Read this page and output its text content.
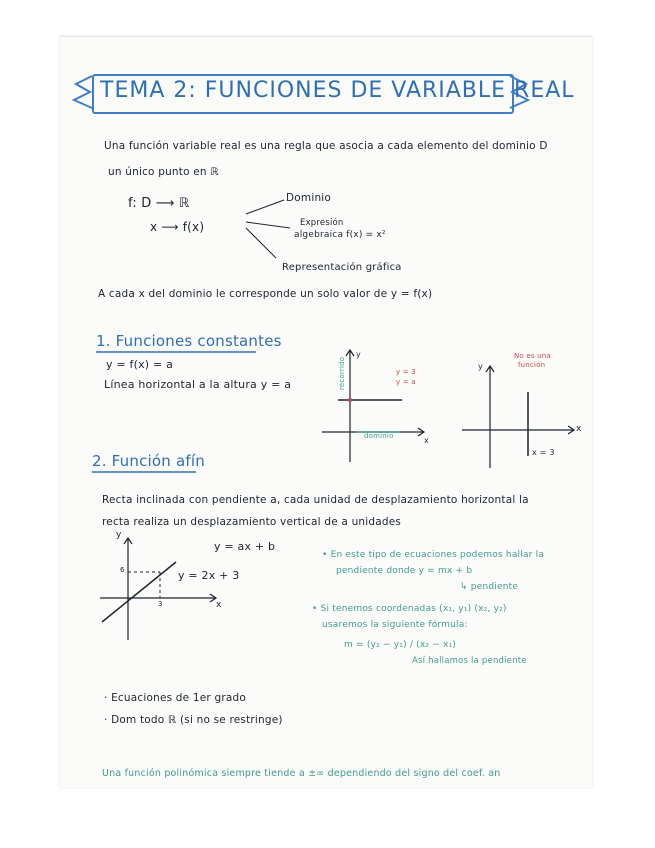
TEMA 2: FUNCIONES DE VARIABLE REAL
Una función variable real es una regla que asocia a cada elemento del dominio D
un único punto en ℝ
f: D ⟶ ℝ
x ⟶ f(x)
Dominio
Expresión
algebraica f(x) = x²
Representación gráfica
A cada x del dominio le corresponde un solo valor de y = f(x)
1. Funciones constantes
y = f(x) = a
Línea horizontal a la altura y = a
y
y = 3
y = a
recorrido
dominio	x
y
No es una
función
x
x = 3
2. Función afín
Recta inclinada con pendiente a, cada unidad de desplazamiento horizontal la
recta realiza un desplazamiento vertical de a unidades
y = ax + b
y
x
y = 2x + 3
3
6
• En este tipo de ecuaciones podemos hallar la
pendiente donde y = mx + b
↳ pendiente
• Si tenemos coordenadas (x₁, y₁) (x₂, y₂)
usaremos la siguiente fórmula:
m = (y₂ − y₁) / (x₂ − x₁)
Así hallamos la pendiente
· Ecuaciones de 1er grado
· Dom todo ℝ (si no se restringe)
Una función polinómica siempre tiende a ±∞ dependiendo del signo del coef. an
